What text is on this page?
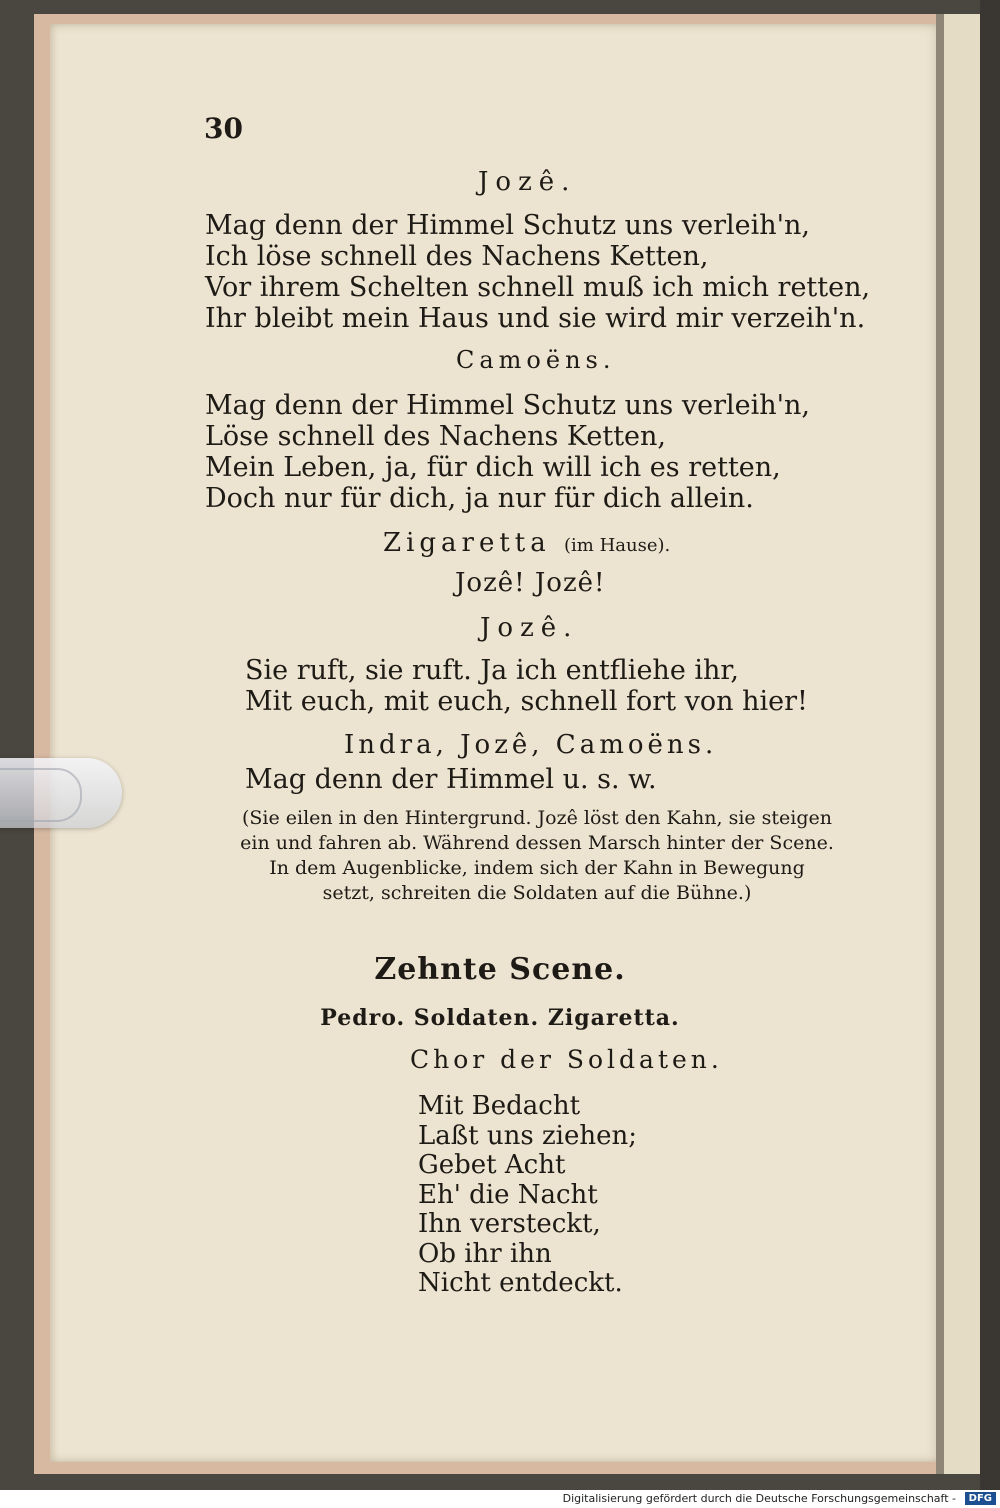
30
Jozê.
Mag denn der Himmel Schutz uns verleih'n,
Ich löse schnell des Nachens Ketten,
Vor ihrem Schelten schnell muß ich mich retten,
Ihr bleibt mein Haus und sie wird mir verzeih'n.
Camoëns.
Mag denn der Himmel Schutz uns verleih'n,
Löse schnell des Nachens Ketten,
Mein Leben, ja, für dich will ich es retten,
Doch nur für dich, ja nur für dich allein.
Zigaretta (im Hause).
Jozê! Jozê!
Jozê.
Sie ruft, sie ruft. Ja ich entfliehe ihr,
Mit euch, mit euch, schnell fort von hier!
Indra, Jozê, Camoëns.
Mag denn der Himmel u. s. w.
(Sie eilen in den Hintergrund. Jozê löst den Kahn, sie steigen
ein und fahren ab. Während dessen Marsch hinter der Scene.
In dem Augenblicke, indem sich der Kahn in Bewegung
setzt, schreiten die Soldaten auf die Bühne.)
Zehnte Scene.
Pedro. Soldaten. Zigaretta.
Chor der Soldaten.
Mit Bedacht
Laßt uns ziehen;
Gebet Acht
Eh' die Nacht
Ihn versteckt,
Ob ihr ihn
Nicht entdeckt.
Digitalisierung gefördert durch die Deutsche Forschungsgemeinschaft -	DFG
